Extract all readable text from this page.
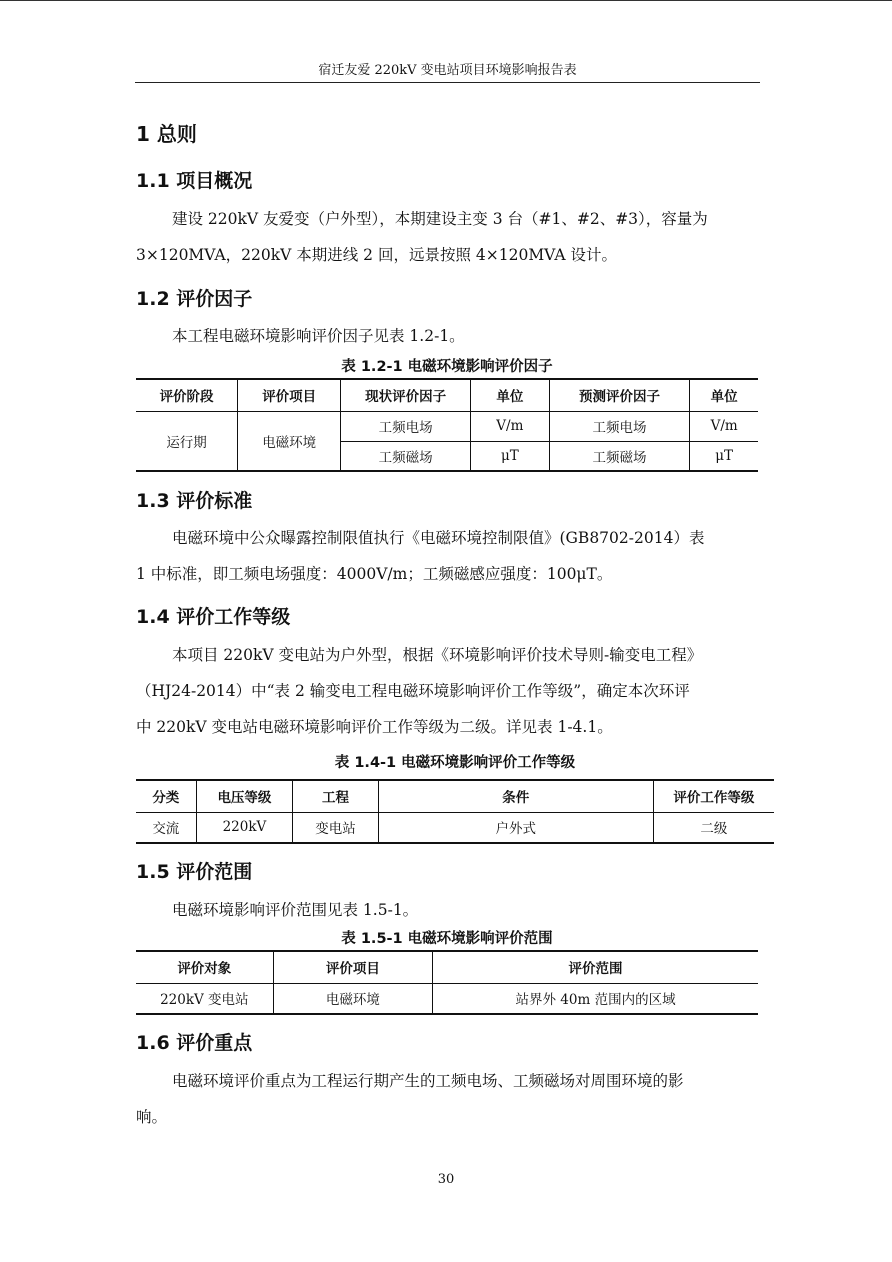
宿迁友爱 220kV 变电站项目环境影响报告表
1 总则
1.1 项目概况
建设 220kV 友爱变（户外型），本期建设主变 3 台（#1、#2、#3），容量为
3×120MVA，220kV 本期进线 2 回，远景按照 4×120MVA 设计。
1.2 评价因子
本工程电磁环境影响评价因子见表 1.2-1。
表 1.2-1 电磁环境影响评价因子
评价阶段	评价项目	现状评价因子	单位	预测评价因子	单位
运行期	电磁环境	工频电场	V/m	工频电场	V/m
		工频磁场	μT	工频磁场	μT
1.3 评价标准
电磁环境中公众曝露控制限值执行《电磁环境控制限值》(GB8702-2014）表
1 中标准，即工频电场强度：4000V/m；工频磁感应强度：100μT。
1.4 评价工作等级
本项目 220kV 变电站为户外型，根据《环境影响评价技术导则-输变电工程》
（HJ24-2014）中“表 2 输变电工程电磁环境影响评价工作等级”，确定本次环评
中 220kV 变电站电磁环境影响评价工作等级为二级。详见表 1-4.1。
表 1.4-1 电磁环境影响评价工作等级
分类	电压等级	工程	条件	评价工作等级
交流	220kV	变电站	户外式	二级
1.5 评价范围
电磁环境影响评价范围见表 1.5-1。
表 1.5-1 电磁环境影响评价范围
评价对象	评价项目	评价范围
220kV 变电站	电磁环境	站界外 40m 范围内的区域
1.6 评价重点
电磁环境评价重点为工程运行期产生的工频电场、工频磁场对周围环境的影
响。
30
